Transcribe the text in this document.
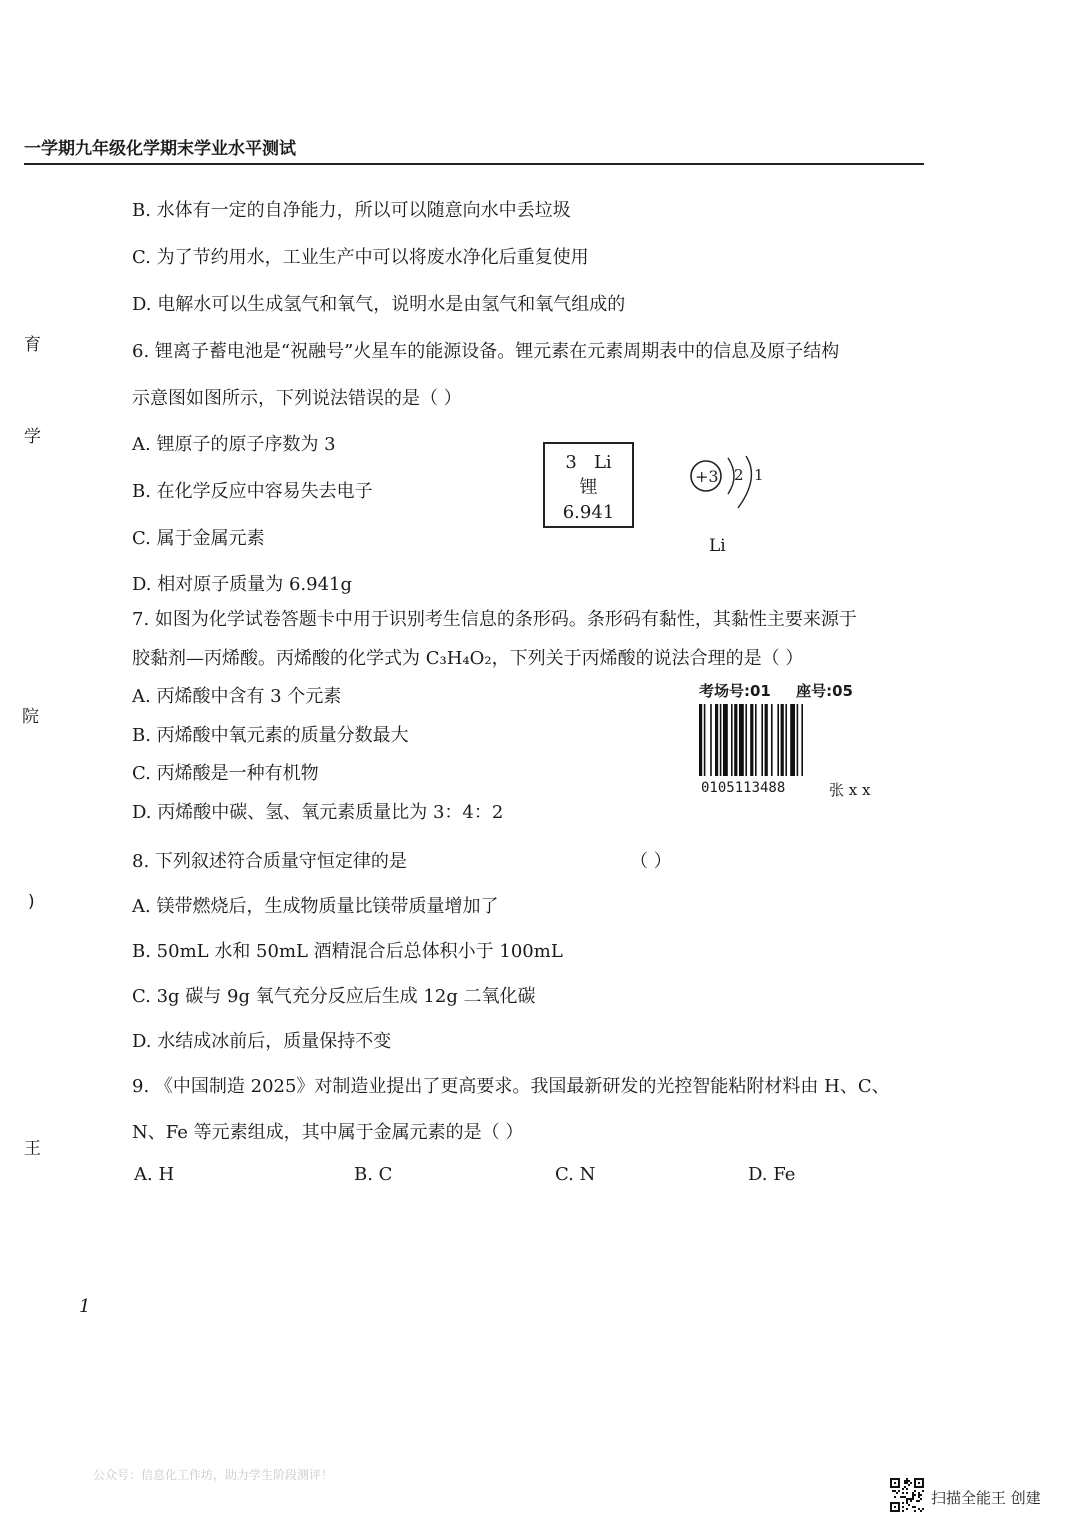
一学期九年级化学期末学业水平测试
育
学
院
)
王
B. 水体有一定的自净能力，所以可以随意向水中丢垃圾
C. 为了节约用水，工业生产中可以将废水净化后重复使用
D. 电解水可以生成氢气和氧气，说明水是由氢气和氧气组成的
6. 锂离子蓄电池是“祝融号”火星车的能源设备。锂元素在元素周期表中的信息及原子结构
示意图如图所示，下列说法错误的是（ ）
A. 锂原子的原子序数为 3
B. 在化学反应中容易失去电子
C. 属于金属元素
D. 相对原子质量为 6.941g
3 Li
锂
6.941
+3 2 1
Li
7. 如图为化学试卷答题卡中用于识别考生信息的条形码。条形码有黏性，其黏性主要来源于
胶黏剂—丙烯酸。丙烯酸的化学式为 C₃H₄O₂，下列关于丙烯酸的说法合理的是（ ）
A. 丙烯酸中含有 3 个元素
B. 丙烯酸中氧元素的质量分数最大
C. 丙烯酸是一种有机物
D. 丙烯酸中碳、氢、氧元素质量比为 3：4：2
考场号:01 座号:05
0105113488	张 x x
8. 下列叙述符合质量守恒定律的是	（ ）
A. 镁带燃烧后，生成物质量比镁带质量增加了
B. 50mL 水和 50mL 酒精混合后总体积小于 100mL
C. 3g 碳与 9g 氧气充分反应后生成 12g 二氧化碳
D. 水结成冰前后，质量保持不变
9. 《中国制造 2025》对制造业提出了更高要求。我国最新研发的光控智能粘附材料由 H、C、
N、Fe 等元素组成，其中属于金属元素的是（ ）
A. H	B. C	C. N	D. Fe
1
公众号：信息化工作坊，助力学生阶段测评！
扫描全能王 创建
